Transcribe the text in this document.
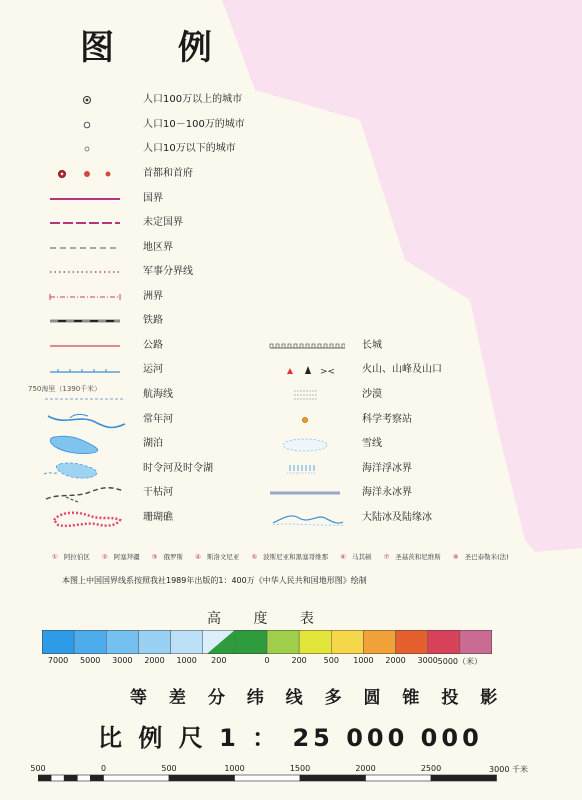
图 例
人口100万以上的城市
人口10－100万的城市
人口10万以下的城市
首都和首府
国界
未定国界
地区界
军事分界线
洲界
铁路
公路
运河
750海里（1390千米）	航海线
常年河
湖泊
时令河及时令湖
干枯河
珊瑚礁
长城
><	火山、山峰及山口
沙漠
科学考察站
雪线
海洋浮冰界
海洋永冰界
大陆冰及陆缘冰
① 阿拉伯区 ② 阿塞拜疆 ③ 俄罗斯 ④ 斯洛文尼亚 ⑤ 波斯尼亚和黑塞哥维那 ⑥ 马其顿 ⑦ 圣基茨和尼维斯 ⑧ 圣巴泰勒米(法)
本图上中国国界线系按照我社1989年出版的1：400万《中华人民共和国地形图》绘制
高 度 表
7000 5000 3000 2000 1000 200	0	200 500 1000 2000 3000 5000（米）
等 差 分 纬 线 多 圆 锥 投 影
比 例 尺 1 ： 25 000 000
500	0	500	1000	1500	2000	2500	3000 千米
